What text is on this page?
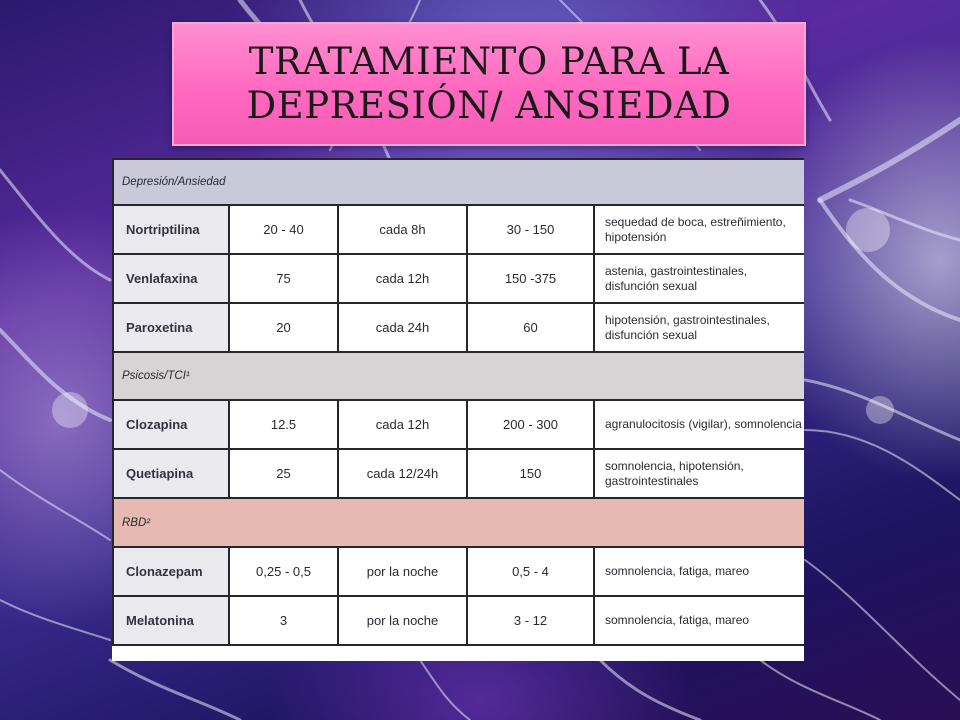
TRATAMIENTO PARA LA
DEPRESIÓN/ ANSIEDAD
Depresión/Ansiedad				
Nortriptilina	20 - 40	cada 8h	30 - 150	sequedad de boca, estreñimiento, hipotensión
Venlafaxina	75	cada 12h	150 -375	astenia, gastrointestinales, disfunción sexual
Paroxetina	20	cada 24h	60	hipotensión, gastrointestinales, disfunción sexual
Psicosis/TCI¹				
Clozapina	12.5	cada 12h	200 - 300	agranulocitosis (vigilar), somnolencia
Quetiapina	25	cada 12/24h	150	somnolencia, hipotensión, gastrointestinales
RBD²				
Clonazepam	0,25 - 0,5	por la noche	0,5 - 4	somnolencia, fatiga, mareo
Melatonina	3	por la noche	3 - 12	somnolencia, fatiga, mareo
